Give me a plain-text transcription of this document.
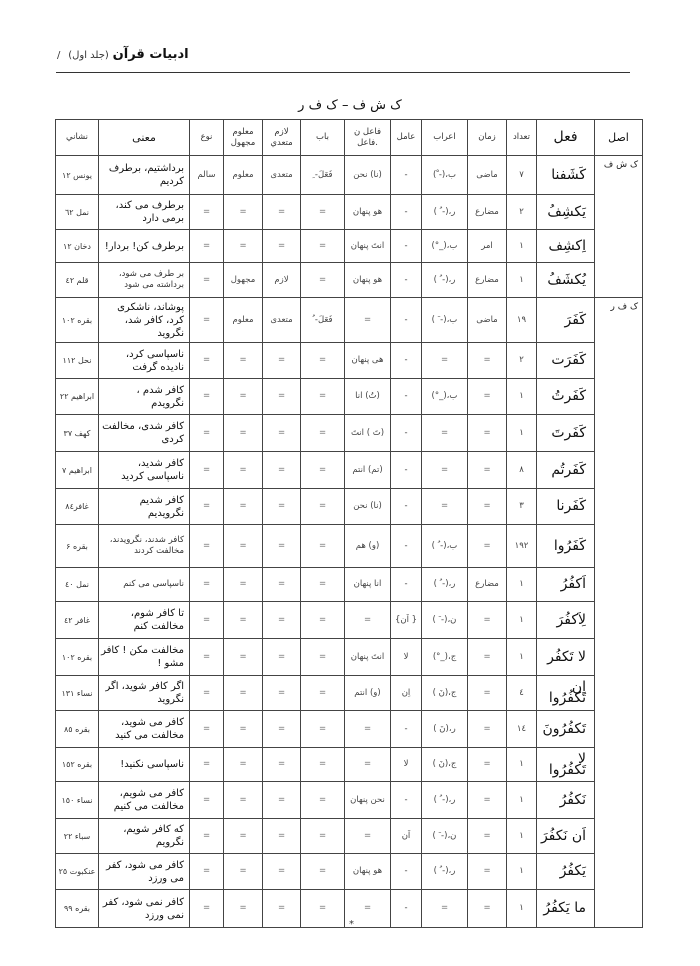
ادبیات قرآن (جلد اول) /
ک ش ف – ک ف ر
اصل	فعل	تعداد	زمان	اعراب	عامل	فاعل ن .فاعل	باب	لازم متعدي	معلوم مجهول	نوع	معنی	نشاني
ک ش ف	كَشَفنا	٧	ماضی	ب،(- ْ)	-	(نا) نحن	فَعَلَ- ِ	متعدی	معلوم	سالم	برداشتیم، برطرف کردیم	یونس ١٢
	يَكشِفُ	٢	مضارع	ر،(- ُ )	-	هو پنهان	=	=	=	=	برطرف می کند، برمی دارد	نمل ٦٢
	اِكشِف	١	امر	ب،(_°)	-	انتَ پنهان	=	=	=	=	برطرف کن! بردار!	دخان ١٢
	يُكشَفُ	١	مضارع	ر،(- ُ )	-	هو پنهان	=	لازم	مجهول	=	بر طرف می شود، برداشته می شود	قلم ٤٢
ک ف ر	كَفَرَ	١٩	ماضی	ب،(- َ )	-	=	فَعَلَ- ُ	متعدی	معلوم	=	پوشاند، ناشکری کرد، کافر شد، نگروید	بقره ١٠٢
	كَفَرَت	٢	=	=	-	هی پنهان	=	=	=	=	ناسپاسی کرد، نادیده گرفت	نحل ١١٢
	كَفَرتُ	١	=	ب،(_°)	-	(تُ) انا	=	=	=	=	کافر شدم ، نگرویدم	ابراهیم ٢٢
	كَفَرتَ	١	=	=	-	(تَ ) انتَ	=	=	=	=	کافر شدی، مخالفت کردی	کهف ٣٧
	كَفَرتُم	٨	=	=	-	(تم) انتم	=	=	=	=	کافر شدید، ناسپاسی کردید	ابراهیم ٧
	كَفَرنا	٣	=	=	-	(نا) نحن	=	=	=	=	کافر شدیم نگرویدیم	غافر٨٤
	كَفَرُوا	١٩٢	=	ب،(- ُ )	-	(و) هم	=	=	=	=	کافر شدند، نگرویدند، مخالفت کردند	بقره ۶
	اَكفُرُ	١	مضارع	ر،(- ُ )	-	انا پنهان	=	=	=	=	ناسپاسی می کنم	نمل ٤٠
	لِاَكفُرَ	١	=	ن،(- َ )	{ اَن}	=	=	=	=	=	تا کافر شوم، مخالفت کنم	غافر ٤٢
	لا تَكفُر	١	=	ج،(_°)	لا	انتَ پنهان	=	=	=	=	مخالفت مکن ! کافر مشو !	بقره ١٠٢
	اِن تَكفُرُوا	٤	=	ج،(نَ )	اِن	(و) انتم	=	=	=	=	اگر کافر شوید، اگر نگروید	نساء ١٣١
	تَكفُرُونَ	١٤	=	ر،(نَ )	-	=	=	=	=	=	کافر می شوید، مخالفت می کنید	بقره ٨٥
	لا تَكفُرُوا	١	=	ج،(نَ )	لا	=	=	=	=	=	ناسپاسی نکنید!	بقره ١٥٢
	نَكفُرُ	١	=	ر،(- ُ )	-	نحن پنهان	=	=	=	=	کافر می شویم، مخالفت می کنیم	نساء ١٥٠
	اَن نَكفُرَ	١	=	ن،(- َ )	اَن	=	=	=	=	=	که کافر شویم، نگرویم	سباء ٢٢
	يَكفُرُ	١	=	ر،(- ُ )	-	هو پنهان	=	=	=	=	کافر می شود، کفر می ورزد	عنکبوت ٢٥
	ما يَكفُرُ	١	=	=	-	=	=	=	=	=	کافر نمی شود، کفر نمی ورزد	بقره ٩٩
*
